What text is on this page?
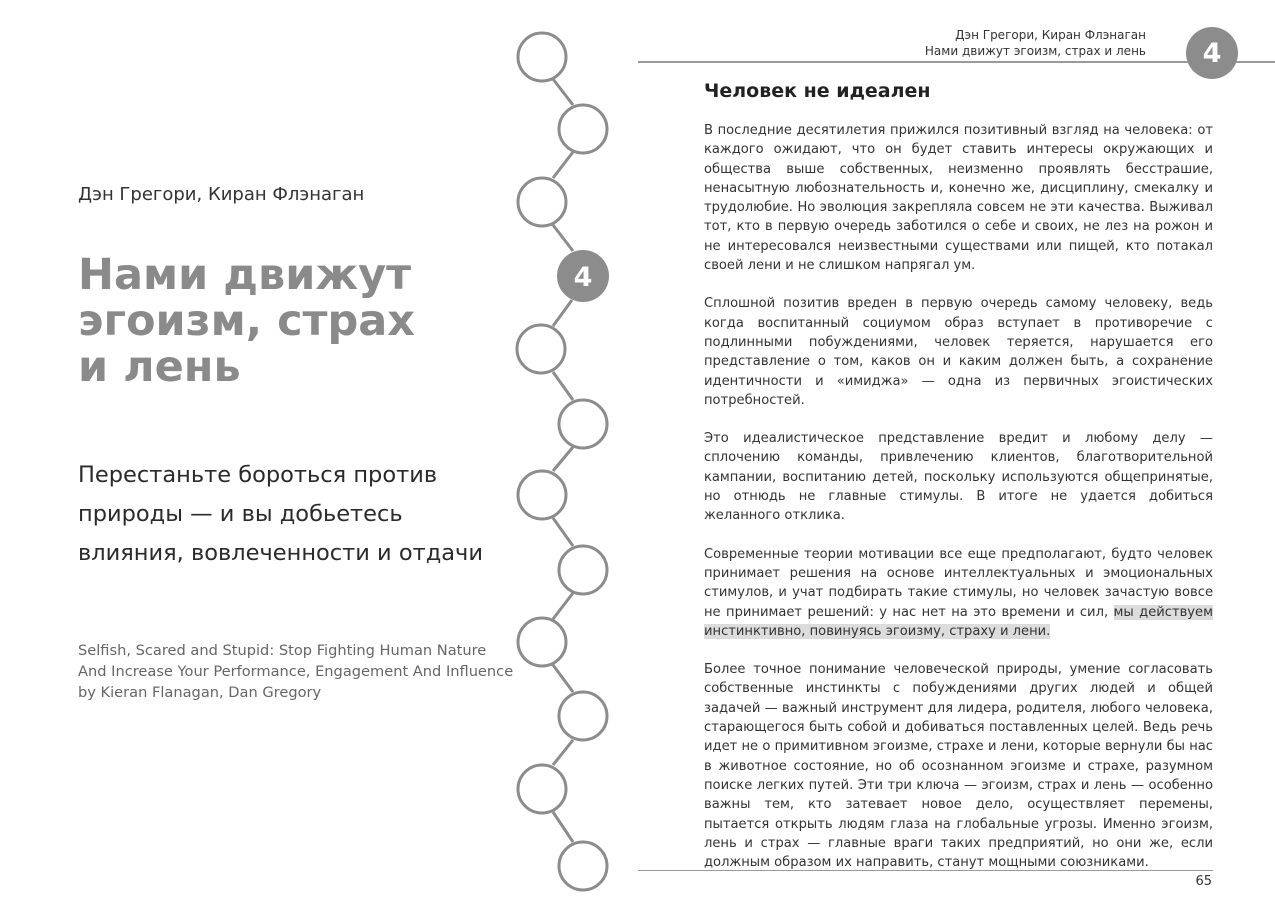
Дэн Грегори, Киран Флэнаган
Нами движут
эгоизм, страх
и лень
Перестаньте бороться против
природы — и вы добьетесь
влияния, вовлеченности и отдачи
Selfish, Scared and Stupid: Stop Fighting Human Nature
And Increase Your Performance, Engagement And Influence
by Kieran Flanagan, Dan Gregory
4
Дэн Грегори, Киран Флэнаган
Нами движут эгоизм, страх и лень	4
Человек не идеален

В последние десятилетия прижился позитивный взгляд на человека: от каждого ожидают, что он будет ставить интересы окружающих и общества выше собственных, неизменно проявлять бесстрашие, ненасытную любознательность и, конечно же, дисциплину, смекалку и трудолюбие. Но эволюция закрепляла совсем не эти качества. Выживал тот, кто в первую очередь заботился о себе и своих, не лез на рожон и не интересовался неизвестными существами или пищей, кто потакал своей лени и не слишком напрягал ум.

Сплошной позитив вреден в первую очередь самому человеку, ведь когда воспитанный социумом образ вступает в противоречие с подлинными побуждениями, человек теряется, нарушается его представление о том, каков он и каким должен быть, а сохранение идентичности и «имиджа» — одна из первичных эгоистических потребностей.

Это идеалистическое представление вредит и любому делу — сплочению команды, привлечению клиентов, благотворительной кампании, воспитанию детей, поскольку используются общепринятые, но отнюдь не главные стимулы. В итоге не удается добиться желанного отклика.

Современные теории мотивации все еще предполагают, будто человек принимает решения на основе интеллектуальных и эмоциональных стимулов, и учат подбирать такие стимулы, но человек зачастую вовсе не принимает решений: у нас нет на это времени и сил, мы действуем инстинктивно, повинуясь эгоизму, страху и лени.

Более точное понимание человеческой природы, умение согласовать собственные инстинкты с побуждениями других людей и общей задачей — важный инструмент для лидера, родителя, любого человека, старающегося быть собой и добиваться поставленных целей. Ведь речь идет не о примитивном эгоизме, страхе и лени, которые вернули бы нас в животное состояние, но об осознанном эгоизме и страхе, разумном поиске легких путей. Эти три ключа — эгоизм, страх и лень — особенно важны тем, кто затевает новое дело, осуществляет перемены, пытается открыть людям глаза на глобальные угрозы. Именно эгоизм, лень и страх — главные враги таких предприятий, но они же, если должным образом их направить, станут мощными союзниками.

65
